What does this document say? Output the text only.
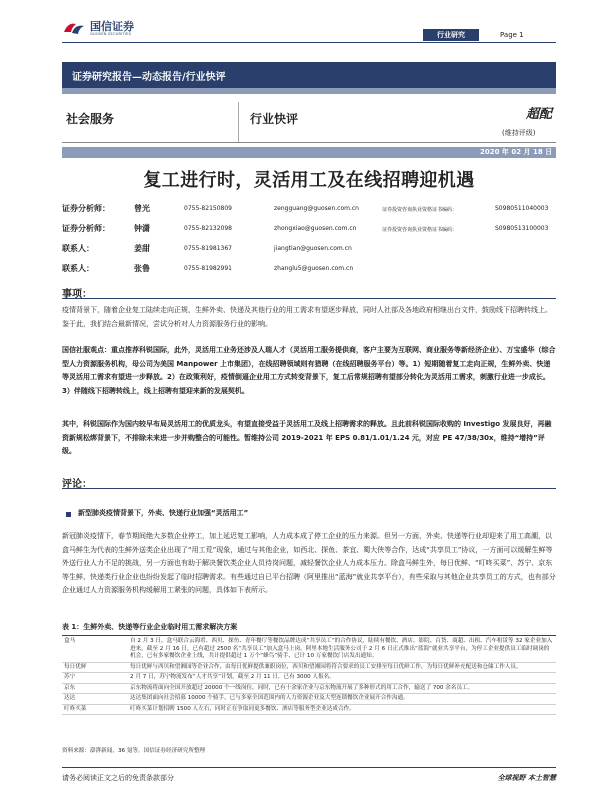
国信证券
GUOSEN SECURITIES	行业研究	Page 1
证券研究报告—动态报告/行业快评
社会服务	行业快评	超配
(维持评级)
2020 年 02 月 18 日
复工进行时，灵活用工及在线招聘迎机遇
证券分析师：	曾光	0755-82150809	zengguang@guosen.com.cn	证券投资咨询执业资格证书编码：	S0980511040003
证券分析师：	钟潇	0755-82132098	zhongxiao@guosen.com.cn	证券投资咨询执业资格证书编码：	S0980513100003
联系人：	姜甜	0755-81981367	jiangtian@guosen.com.cn
联系人：	张鲁	0755-81982991	zhanglu5@guosen.com.cn
事项：
疫情背景下，随着企业复工陆续走向正规，生鲜外卖、快递及其他行业的用工需求有望逐步释放，同时人社部及各地政府相继出台文件，鼓励线下招聘转线上。鉴于此，我们结合最新情况，尝试分析对人力资源服务行业的影响。
国信社服观点：重点推荐科锐国际，此外，灵活用工业务还涉及人瑞人才（灵活用工服务提供商，客户主要为互联网、商业服务等新经济企业）、万宝盛华（综合型人力资源服务机构，母公司为美国 Manpower 上市集团），在线招聘领域则有猎聘（在线招聘服务平台）等。1）短期随着复工走向正规，生鲜外卖、快递等灵活用工需求有望进一步释放。2）在政策利好，疫情倒逼企业用工方式转变背景下，复工后常规招聘有望部分转化为灵活用工需求，刺激行业进一步成长。3）伴随线下招聘转线上，线上招聘有望迎来新的发展契机。
其中，科锐国际作为国内较早布局灵活用工的优质龙头，有望直接受益于灵活用工及线上招聘需求的释放。且此前科锐国际收购的 Investigo 发展良好，再融资新规松绑背景下，不排除未来进一步并购整合的可能性。暂维持公司 2019-2021 年 EPS 0.81/1.01/1.24 元，对应 PE 47/38/30x，维持“增持”评级。
评论：
新型肺炎疫情背景下，外卖、快递行业加强“灵活用工”
新冠肺炎疫情下，春节期间绝大多数企业停工，加上延迟复工影响，人力成本成了停工企业的压力来源。但另一方面，外卖、快递等行业却迎来了用工高潮，以盒马鲜生为代表的生鲜外送类企业出现了“用工荒”现象，通过与其他企业，如西北、探鱼、茶宜、蜀大侠等合作，达成“共享员工”协议，一方面可以缓解生鲜等外送行业人力不足的挑战，另一方面也有助于解决餐饮类企业人员待岗问题，减轻餐饮企业人力成本压力。除盒马鲜生外，每日优鲜、“叮咚买菜”、苏宁、京东等生鲜、快递类行业企业也纷纷发起了临时招聘需求。有些通过自已平台招聘（阿里推出“蓝海”就业共享平台），有些采取与其他企业共享员工的方式，也有部分企业通过人力资源服务机构缓解用工紧张的问题，具体如下表所示。
表 1：生鲜外卖、快递等行业企业临时用工需求解决方案
盒马	自 2 月 3 日，盒马联合云海肴、西贝、探鱼、青年餐厅等餐饮品牌达成“共享员工”的合作协议，陆续有餐饮、酒店、影院、百货、商超、出租、汽车租赁等 32 家企业加入进来。截至 2 月 16 日，已有超过 2500 名“共享员工”加入盒马上岗。阿里本地生活服务公司于 2 月 6 日正式推出“蓝海”就业共享平台，为停工企业提供员工临时调岗的机会，已有多家餐饮企业上线，共计提供超过 1 万个“蜂鸟”骑手、已计 10 万家餐饮门店发出通知。
每日优鲜	每日优鲜与西贝和望湘园等企业合作，由每日优鲜提供兼职岗位，西贝和望湘园将符合要求的员工安排至每日优鲜工作，为每日优鲜补充配送和仓储工作人员。
苏宁	2 月 7 日，苏宁物流发布“人才共享”计划，截至 2 月 11 日，已有 3000 人报名。
京东	京东物流将面向全国开放超过 20000 个一线岗位，同时，已有十余家企业与京东物流开展了多种形式的用工合作，输送了 700 余名员工。
达达	达达集团面向社会招募 10000 个骑手，已与多家全国范围内的人力资源企业及大型连锁餐饮企业展开合作沟通。
叮咚买菜	叮咚买菜计划招聘 1500 人左右，同时正在争取同更多餐饮、酒店等服务型企业达成合作。
资料来源：澎湃新闻，36 氪等，国信证券经济研究所整理
请务必阅读正文之后的免责条款部分	全球视野 本土智慧
